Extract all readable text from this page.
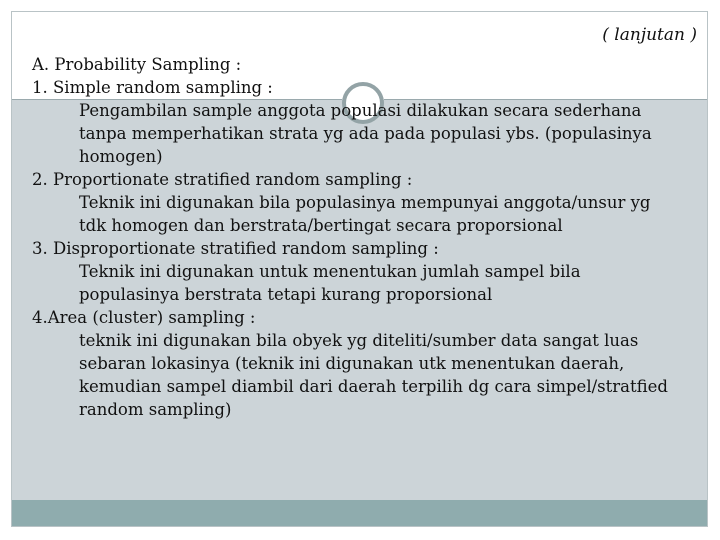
( lanjutan )

A. Probability Sampling :

1. Simple random sampling :

Pengambilan sample anggota populasi dilakukan secara sederhana

tanpa memperhatikan strata yg ada pada populasi ybs. (populasinya

homogen)

2. Proportionate stratified random sampling :

Teknik ini digunakan bila populasinya mempunyai anggota/unsur yg

tdk homogen dan berstrata/bertingat secara proporsional

3. Disproportionate stratified random sampling :

Teknik ini digunakan untuk menentukan jumlah sampel bila

populasinya berstrata tetapi kurang proporsional

4.Area (cluster) sampling :

teknik ini digunakan bila obyek yg diteliti/sumber data sangat luas

sebaran lokasinya (teknik ini digunakan utk menentukan daerah,

kemudian sampel diambil dari daerah terpilih dg cara simpel/stratfied

random sampling)
